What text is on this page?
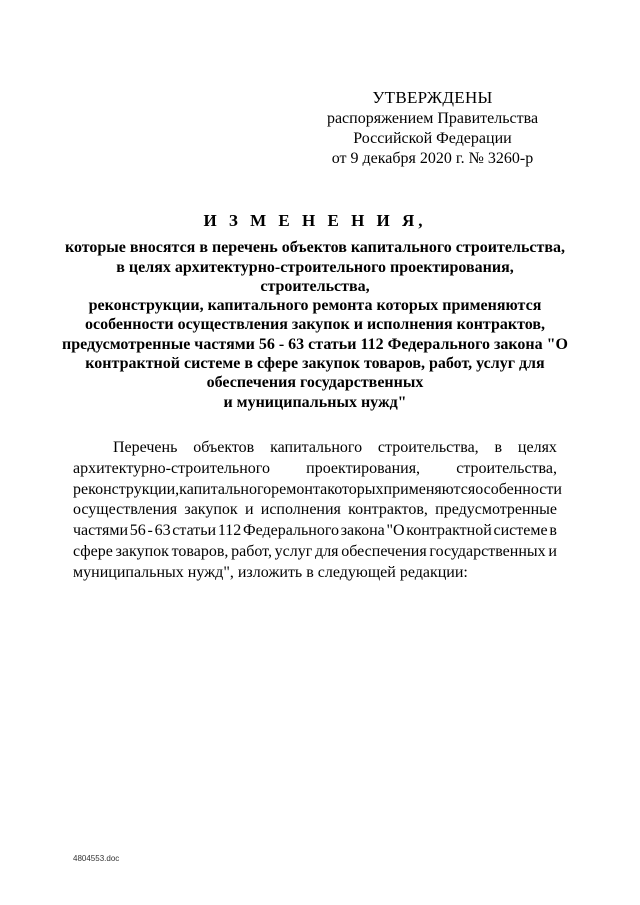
УТВЕРЖДЕНЫ
распоряжением Правительства
Российской Федерации
от 9 декабря 2020 г. № 3260-р
И З М Е Н Е Н И Я,
которые вносятся в перечень объектов капитального строительства,
в целях архитектурно-строительного проектирования, строительства,
реконструкции, капитального ремонта которых применяются
особенности осуществления закупок и исполнения контрактов,
предусмотренные частями 56 - 63 статьи 112 Федерального закона "О
контрактной системе в сфере закупок товаров, работ, услуг для
обеспечения государственных
и муниципальных нужд"
Перечень объектов капитального строительства, в целях
архитектурно-строительного проектирования, строительства,
реконструкции, капитального ремонта которых применяются особенности
осуществления закупок и исполнения контрактов, предусмотренные
частями 56 - 63 статьи 112 Федерального закона "О контрактной системе в
сфере закупок товаров, работ, услуг для обеспечения государственных и
муниципальных нужд", изложить в следующей редакции:
4804553.doc
